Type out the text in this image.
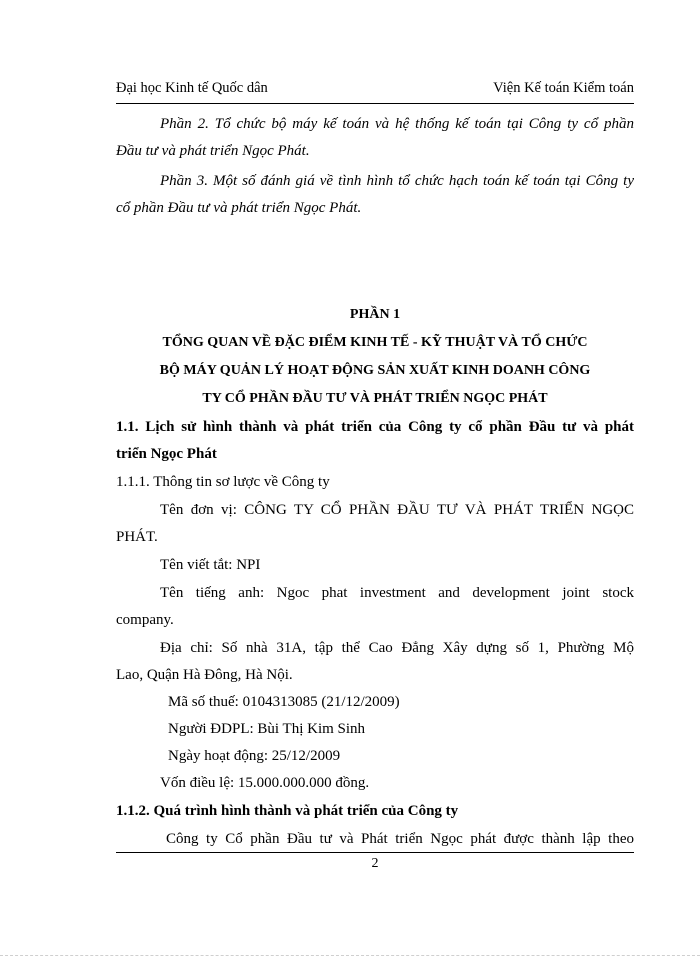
Đại học Kinh tế Quốc dân	Viện Kế toán Kiểm toán
Phần 2. Tổ chức bộ máy kế toán và hệ thống kế toán tại Công ty cổ phần
Đầu tư và phát triển Ngọc Phát.
Phần 3. Một số đánh giá về tình hình tổ chức hạch toán kế toán tại Công ty
cổ phần Đầu tư và phát triển Ngọc Phát.
PHẦN 1
TỔNG QUAN VỀ ĐẶC ĐIỂM KINH TẾ - KỸ THUẬT VÀ TỔ CHỨC
BỘ MÁY QUẢN LÝ HOẠT ĐỘNG SẢN XUẤT KINH DOANH CÔNG
TY CỔ PHẦN ĐẦU TƯ VÀ PHÁT TRIỂN NGỌC PHÁT
1.1. Lịch sử hình thành và phát triển của Công ty cổ phần Đầu tư và phát
triển Ngọc Phát
1.1.1. Thông tin sơ lược về Công ty
Tên đơn vị: CÔNG TY CỔ PHẦN ĐẦU TƯ VÀ PHÁT TRIỂN NGỌC
PHÁT.
Tên viết tắt: NPI
Tên tiếng anh: Ngoc phat investment and development joint stock
company.
Địa chỉ: Số nhà 31A, tập thể Cao Đẳng Xây dựng số 1, Phường Mộ
Lao, Quận Hà Đông, Hà Nội.
Mã số thuế: 0104313085 (21/12/2009)
Người ĐDPL: Bùi Thị Kim Sinh
Ngày hoạt động: 25/12/2009
Vốn điều lệ: 15.000.000.000 đồng.
1.1.2. Quá trình hình thành và phát triển của Công ty
Công ty Cổ phần Đầu tư và Phát triển Ngọc phát được thành lập theo
2
